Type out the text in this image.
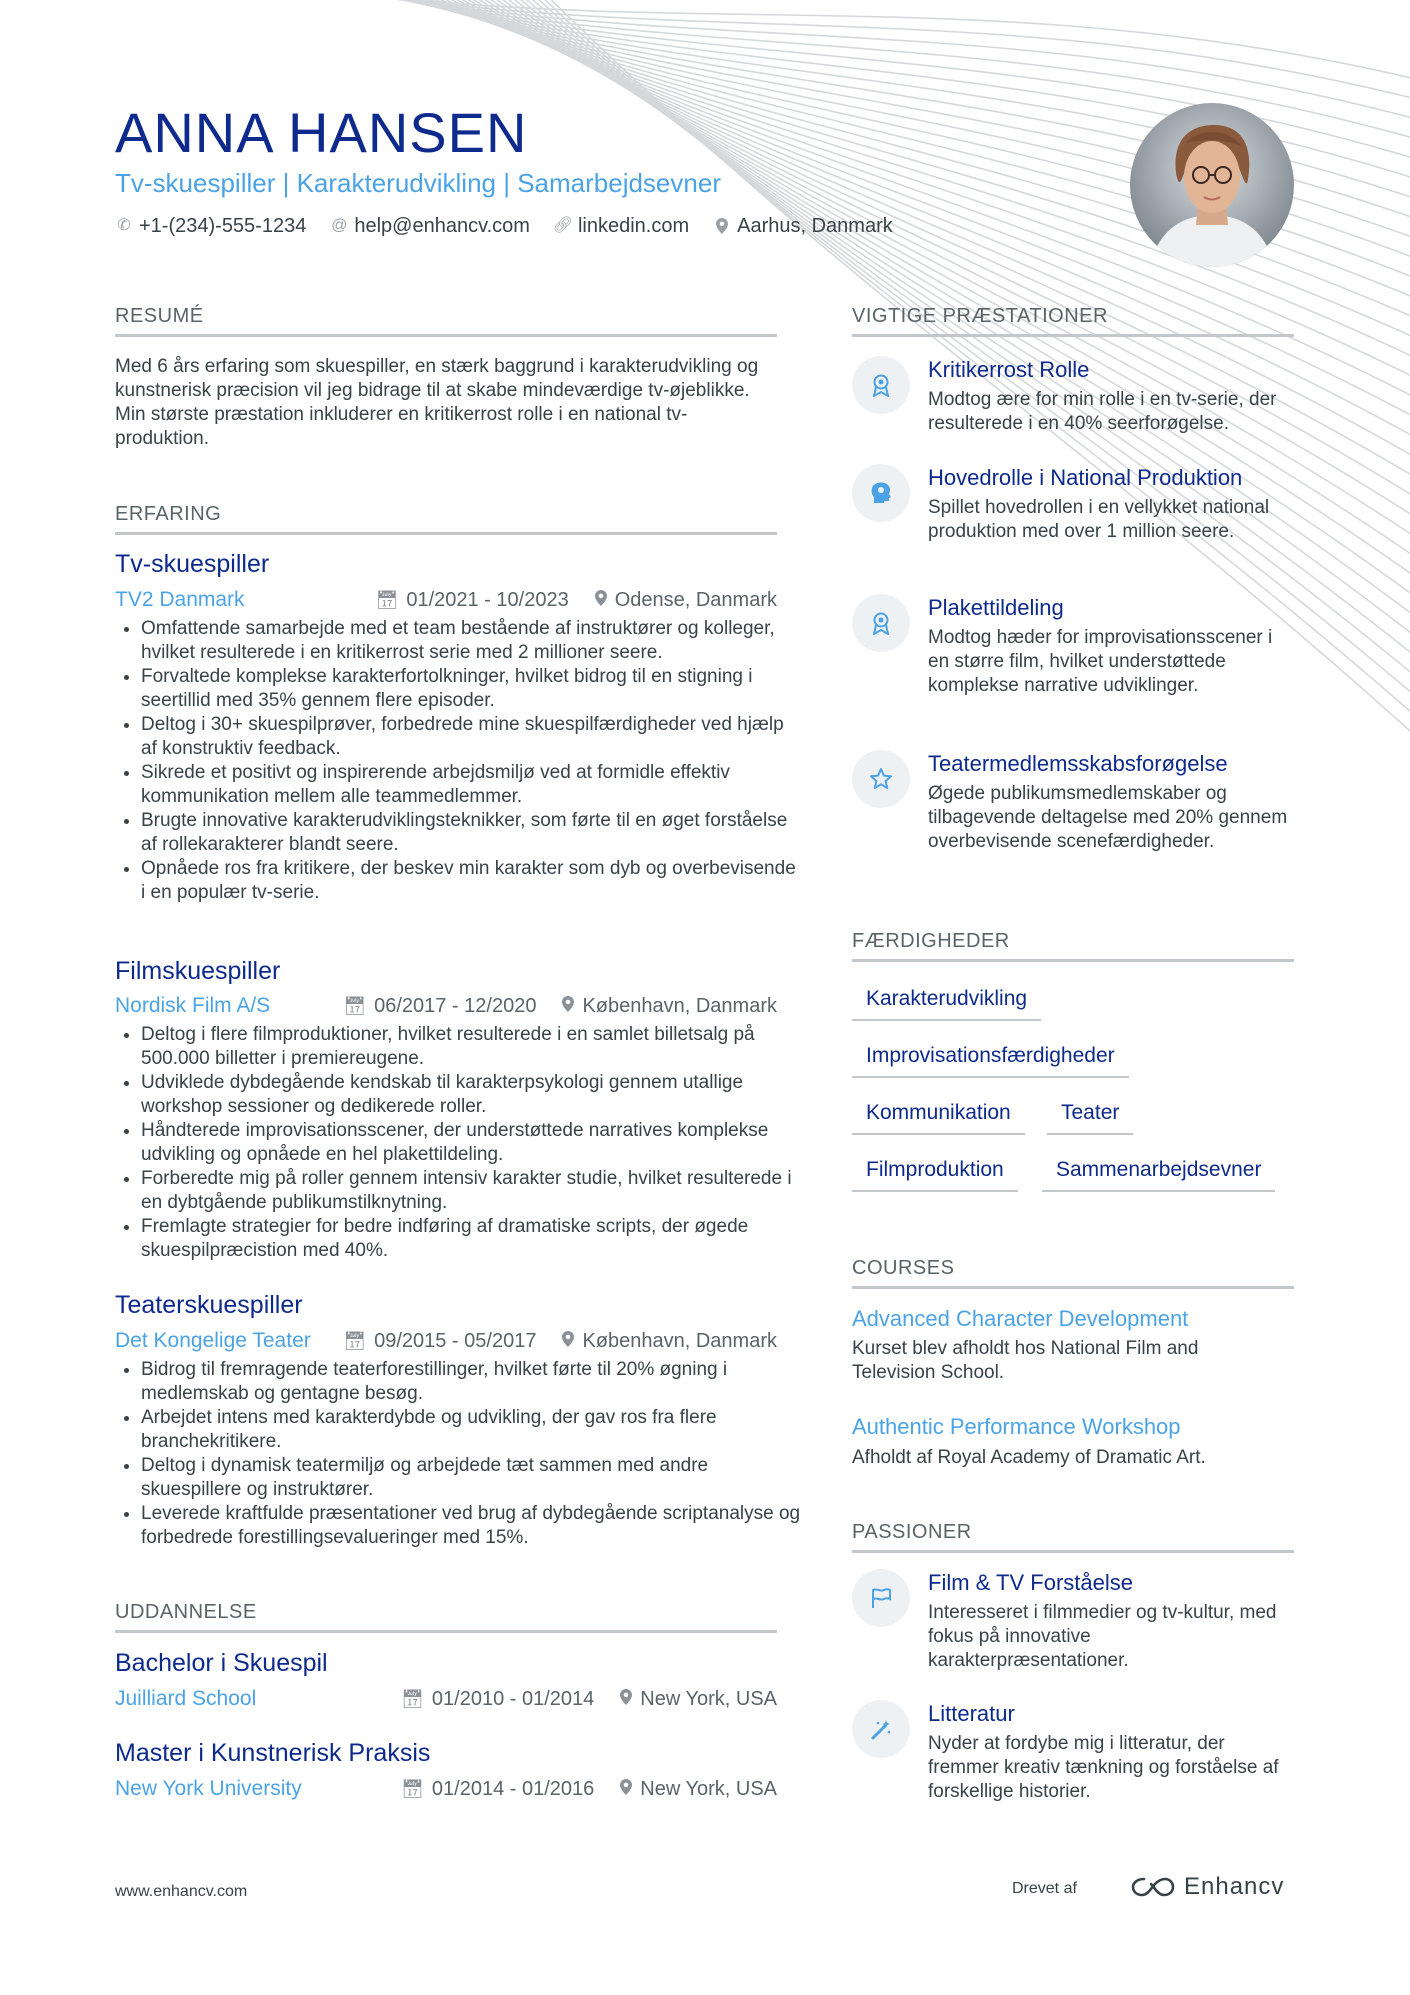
ANNA HANSEN
Tv-skuespiller | Karakterudvikling | Samarbejdsevner
✆ +1-(234)-555-1234 @ help@enhancv.com 🔗︎ linkedin.com Aarhus, Danmark
RESUMÉ

Med 6 års erfaring som skuespiller, en stærk baggrund i karakterudvikling og kunstnerisk præcision vil jeg bidrage til at skabe mindeværdige tv-øjeblikke. Min største præstation inkluderer en kritikerrost rolle i en national tv-produktion.

ERFARING
Tv-skuespiller
TV2 Danmark	📅︎ 01/2021 - 10/2023 Odense, Danmark
• Omfattende samarbejde med et team bestående af instruktører og kolleger, hvilket resulterede i en kritikerrost serie med 2 millioner seere.
• Forvaltede komplekse karakterfortolkninger, hvilket bidrog til en stigning i seertillid med 35% gennem flere episoder.
• Deltog i 30+ skuespilprøver, forbedrede mine skuespilfærdigheder ved hjælp af konstruktiv feedback.
• Sikrede et positivt og inspirerende arbejdsmiljø ved at formidle effektiv kommunikation mellem alle teammedlemmer.
• Brugte innovative karakterudviklingsteknikker, som førte til en øget forståelse af rollekarakterer blandt seere.
• Opnåede ros fra kritikere, der beskev min karakter som dyb og overbevisende i en populær tv-serie.
Filmskuespiller
Nordisk Film A/S	📅︎ 06/2017 - 12/2020 København, Danmark
• Deltog i flere filmproduktioner, hvilket resulterede i en samlet billetsalg på 500.000 billetter i premiereugene.
• Udviklede dybdegående kendskab til karakterpsykologi gennem utallige workshop sessioner og dedikerede roller.
• Håndterede improvisationsscener, der understøttede narratives komplekse udvikling og opnåede en hel plakettildeling.
• Forberedte mig på roller gennem intensiv karakter studie, hvilket resulterede i en dybtgående publikumstilknytning.
• Fremlagte strategier for bedre indføring af dramatiske scripts, der øgede skuespilpræcistion med 40%.
Teaterskuespiller
Det Kongelige Teater 📅︎ 09/2015 - 05/2017 København, Danmark
• Bidrog til fremragende teaterforestillinger, hvilket førte til 20% øgning i medlemskab og gentagne besøg.
• Arbejdet intens med karakterdybde og udvikling, der gav ros fra flere branchekritikere.
• Deltog i dynamisk teatermiljø og arbejdede tæt sammen med andre skuespillere og instruktører.
• Leverede kraftfulde præsentationer ved brug af dybdegående scriptanalyse og forbedrede forestillingsevalueringer med 15%.
UDDANNELSE
Bachelor i Skuespil
Juilliard School	📅︎ 01/2010 - 01/2014 New York, USA
Master i Kunstnerisk Praksis
New York University	📅︎ 01/2014 - 01/2016 New York, USA
VIGTIGE PRÆSTATIONER
Kritikerrost Rolle
Modtog ære for min rolle i en tv-serie, der resulterede i en 40% seerforøgelse.
Hovedrolle i National Produktion
Spillet hovedrollen i en vellykket national produktion med over 1 million seere.
Plakettildeling
Modtog hæder for improvisationsscener i en større film, hvilket understøttede komplekse narrative udviklinger.
Teatermedlemsskabsforøgelse
Øgede publikumsmedlemskaber og tilbagevende deltagelse med 20% gennem overbevisende scenefærdigheder.
FÆRDIGHEDER
Karakterudvikling
Improvisationsfærdigheder
Kommunikation	Teater
Filmproduktion	Sammenarbejdsevner
COURSES
Advanced Character Development
Kurset blev afholdt hos National Film and Television School.
Authentic Performance Workshop
Afholdt af Royal Academy of Dramatic Art.
PASSIONER
Film & TV Forståelse
Interesseret i filmmedier og tv-kultur, med fokus på innovative karakterpræsentationer.
Litteratur
Nyder at fordybe mig i litteratur, der fremmer kreativ tænkning og forståelse af forskellige historier.
www.enhancv.com	Drevet af	Enhancv
